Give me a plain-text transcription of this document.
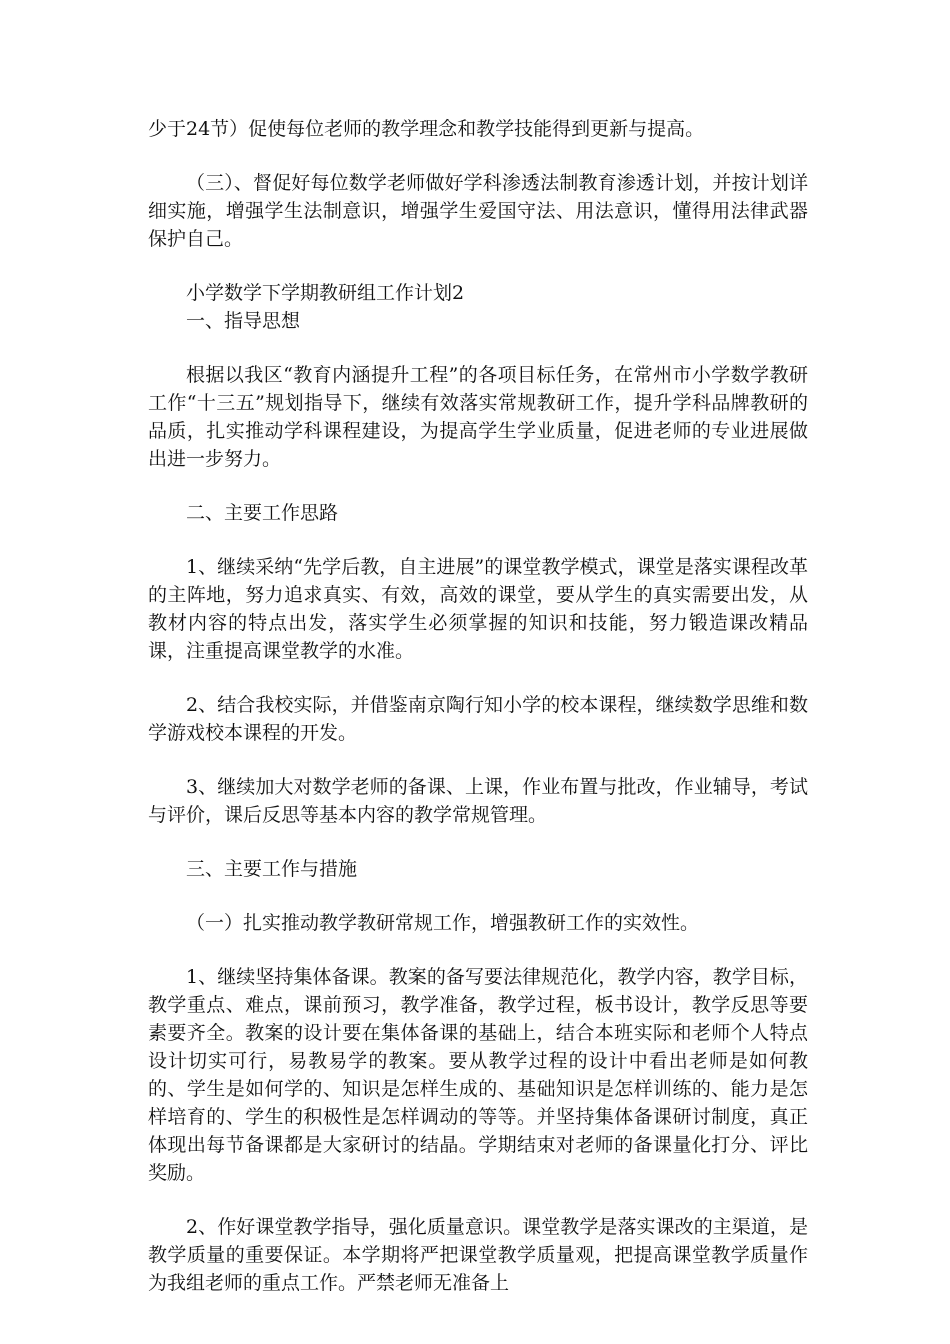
少于24节）促使每位老师的教学理念和教学技能得到更新与提高。

（三）、督促好每位数学老师做好学科渗透法制教育渗透计划，并按计划详细实施，增强学生法制意识，增强学生爱国守法、用法意识，懂得用法律武器保护自己。

小学数学下学期教研组工作计划2

一、指导思想

根据以我区“教育内涵提升工程”的各项目标任务，在常州市小学数学教研工作“十三五”规划指导下，继续有效落实常规教研工作，提升学科品牌教研的品质，扎实推动学科课程建设，为提高学生学业质量，促进老师的专业进展做出进一步努力。

二、主要工作思路

1、继续采纳“先学后教，自主进展”的课堂教学模式，课堂是落实课程改革的主阵地，努力追求真实、有效，高效的课堂，要从学生的真实需要出发，从教材内容的特点出发，落实学生必须掌握的知识和技能，努力锻造课改精品课，注重提高课堂教学的水准。

2、结合我校实际，并借鉴南京陶行知小学的校本课程，继续数学思维和数学游戏校本课程的开发。

3、继续加大对数学老师的备课、上课，作业布置与批改，作业辅导，考试与评价，课后反思等基本内容的教学常规管理。

三、主要工作与措施

（一）扎实推动教学教研常规工作，增强教研工作的实效性。

1、继续坚持集体备课。教案的备写要法律规范化，教学内容，教学目标，教学重点、难点，课前预习，教学准备，教学过程，板书设计，教学反思等要素要齐全。教案的设计要在集体备课的基础上，结合本班实际和老师个人特点设计切实可行，易教易学的教案。要从教学过程的设计中看出老师是如何教的、学生是如何学的、知识是怎样生成的、基础知识是怎样训练的、能力是怎样培育的、学生的积极性是怎样调动的等等。并坚持集体备课研讨制度，真正体现出每节备课都是大家研讨的结晶。学期结束对老师的备课量化打分、评比奖励。

2、作好课堂教学指导，强化质量意识。课堂教学是落实课改的主渠道，是教学质量的重要保证。本学期将严把课堂教学质量观，把提高课堂教学质量作为我组老师的重点工作。严禁老师无准备上
